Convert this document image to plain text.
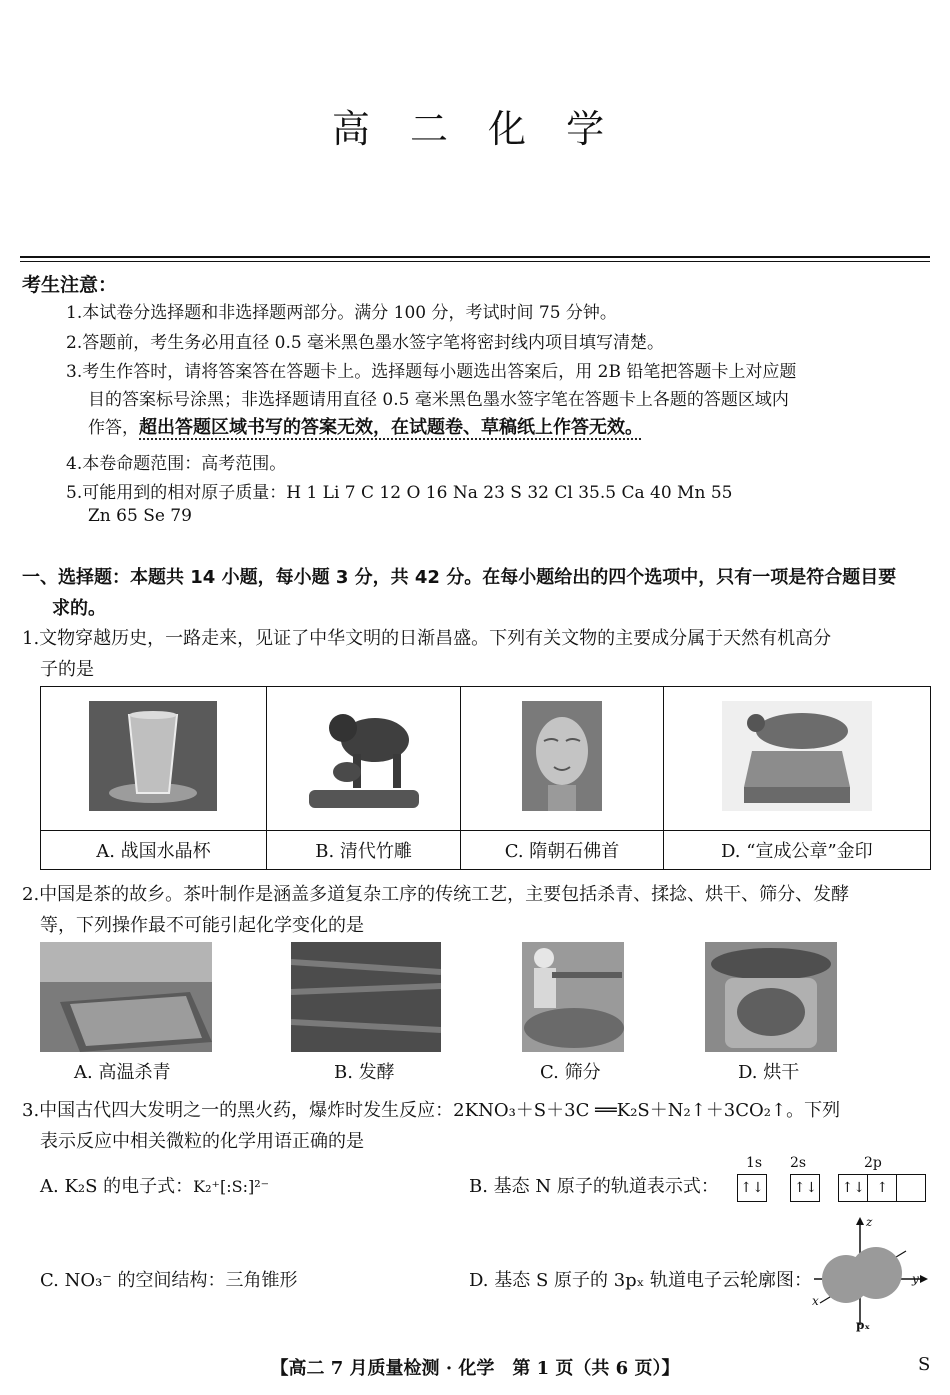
高 二 化 学
考生注意：
1.本试卷分选择题和非选择题两部分。满分 100 分，考试时间 75 分钟。
2.答题前，考生务必用直径 0.5 毫米黑色墨水签字笔将密封线内项目填写清楚。
3.考生作答时，请将答案答在答题卡上。选择题每小题选出答案后，用 2B 铅笔把答题卡上对应题
目的答案标号涂黑；非选择题请用直径 0.5 毫米黑色墨水签字笔在答题卡上各题的答题区域内
作答，超出答题区域书写的答案无效，在试题卷、草稿纸上作答无效。
4.本卷命题范围：高考范围。
5.可能用到的相对原子质量：H 1 Li 7 C 12 O 16 Na 23 S 32 Cl 35.5 Ca 40 Mn 55
Zn 65 Se 79
一、选择题：本题共 14 小题，每小题 3 分，共 42 分。在每小题给出的四个选项中，只有一项是符合题目要
求的。
1.文物穿越历史，一路走来，见证了中华文明的日渐昌盛。下列有关文物的主要成分属于天然有机高分
子的是

A. 战国水晶杯	B. 清代竹雕	C. 隋朝石佛首	D. “宣成公章”金印
2.中国是茶的故乡。茶叶制作是涵盖多道复杂工序的传统工艺，主要包括杀青、揉捻、烘干、筛分、发酵
等，下列操作最不可能引起化学变化的是
A. 高温杀青	B. 发酵	C. 筛分	D. 烘干
3.中国古代四大发明之一的黑火药，爆炸时发生反应：2KNO₃＋S＋3C ══K₂S＋N₂↑＋3CO₂↑。下列
表示反应中相关微粒的化学用语正确的是
A. K₂S 的电子式：K₂⁺[:S:]²⁻	B. 基态 N 原子的轨道表示式：
1s 2s	2p
↑↓ ↑↓ ↑↓ ↑
C. NO₃⁻ 的空间结构：三角锥形	D. 基态 S 原子的 3pₓ 轨道电子云轮廓图：
z
y
x
pₓ
【高二 7 月质量检测 · 化学　第 1 页（共 6 页）】	S
